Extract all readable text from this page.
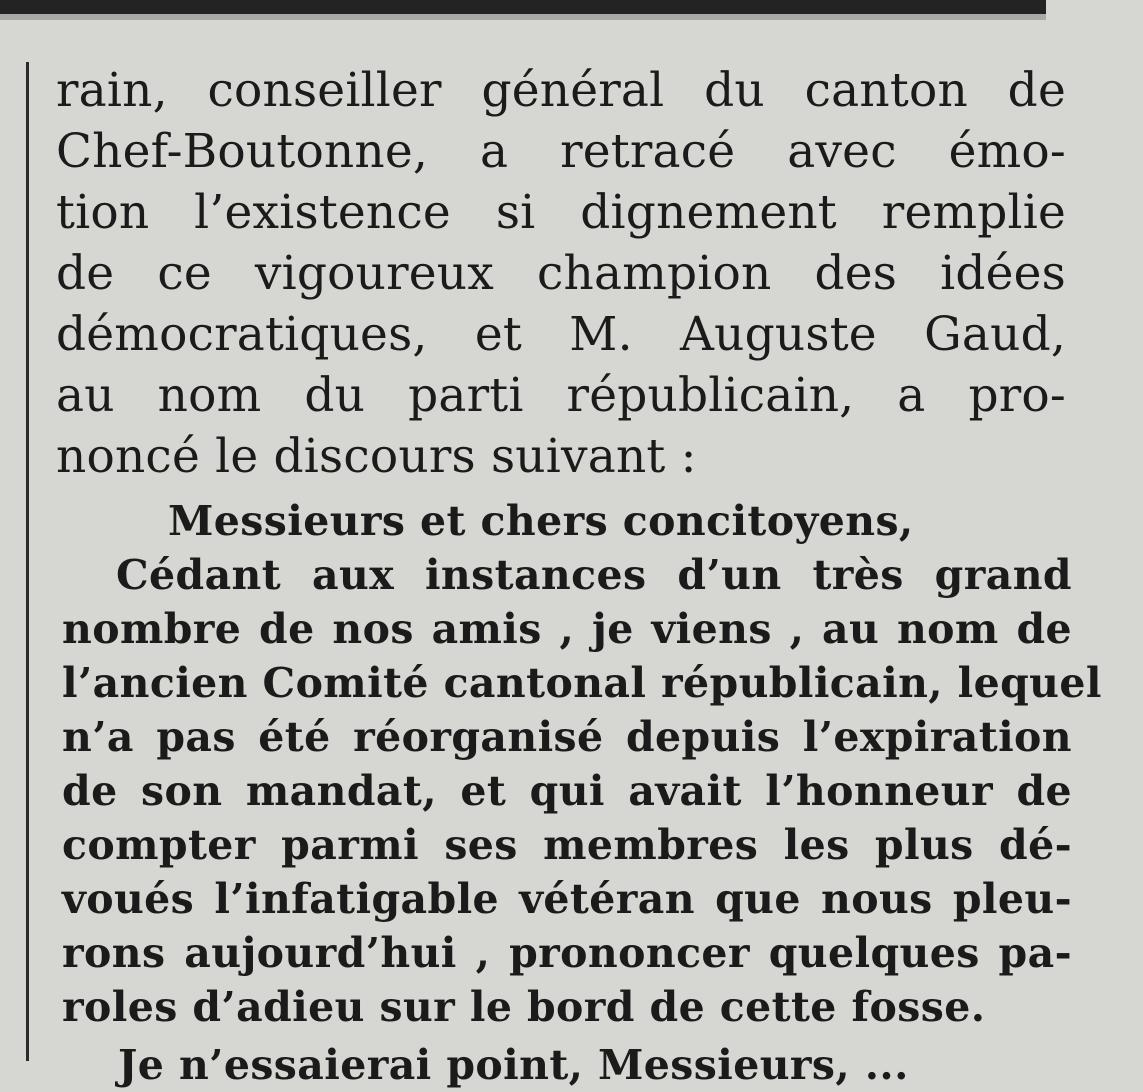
rain, conseiller général du canton de
Chef-Boutonne, a retracé avec émo-
tion l’existence si dignement remplie
de ce vigoureux champion des idées
démocratiques, et M. Auguste Gaud,
au nom du parti républicain, a pro-
noncé le discours suivant :
Messieurs et chers concitoyens,
Cédant aux instances d’un très grand
nombre de nos amis , je viens , au nom de
l’ancien Comité cantonal républicain, lequel
n’a pas été réorganisé depuis l’expiration
de son mandat, et qui avait l’honneur de
compter parmi ses membres les plus dé-
voués l’infatigable vétéran que nous pleu-
rons aujourd’hui , prononcer quelques pa-
roles d’adieu sur le bord de cette fosse.
Je n’essaierai point, Messieurs, ...
